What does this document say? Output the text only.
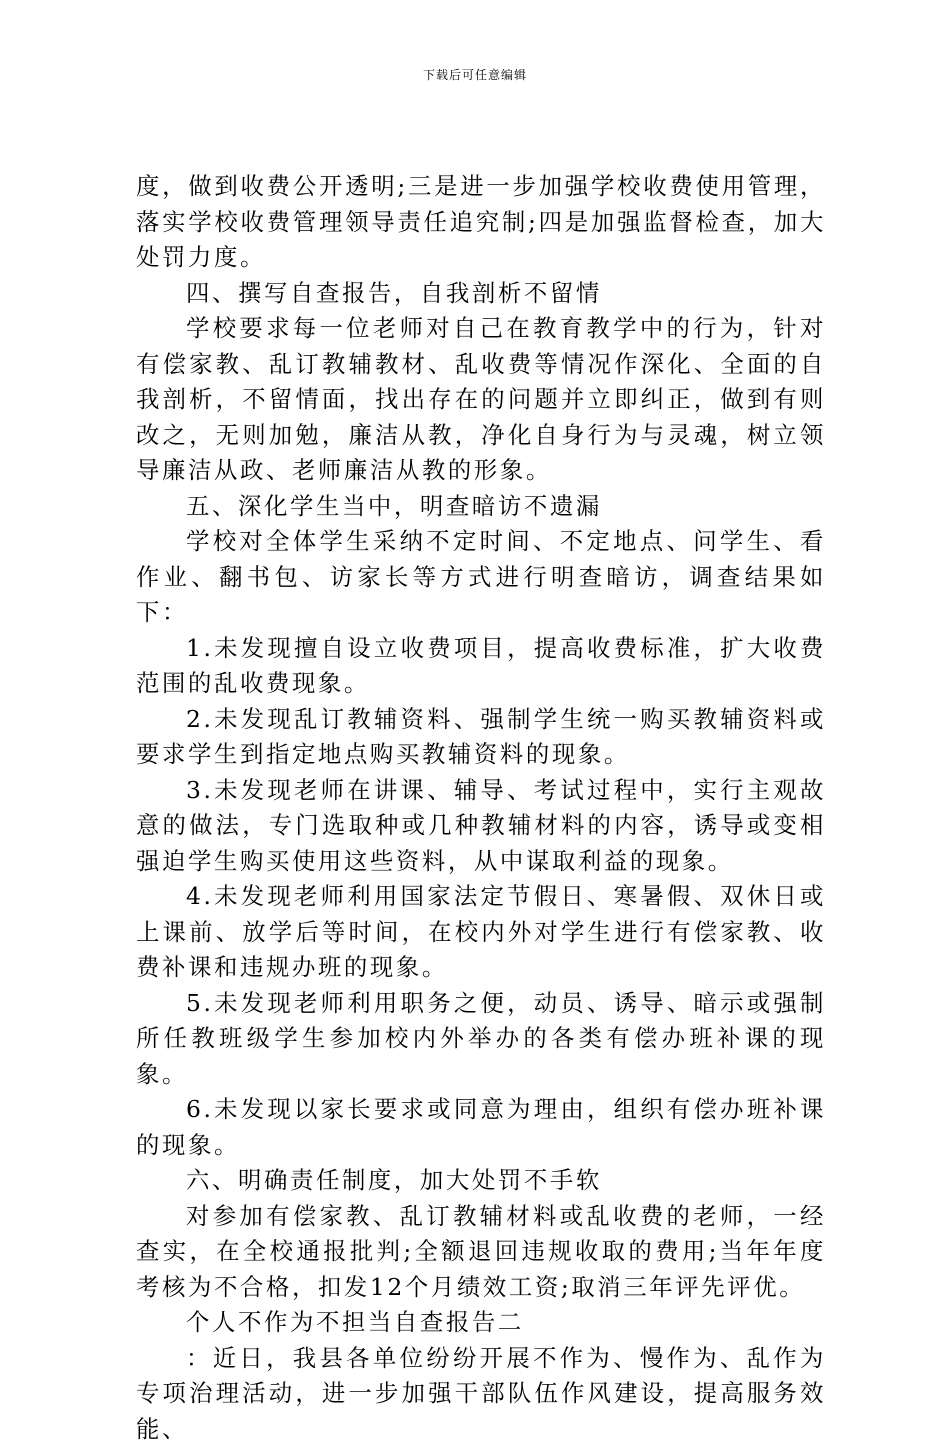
下载后可任意编辑

度，做到收费公开透明;三是进一步加强学校收费使用管理，落实学校收费管理领导责任追究制;四是加强监督检查，加大处罚力度。

四、撰写自查报告，自我剖析不留情

学校要求每一位老师对自己在教育教学中的行为，针对有偿家教、乱订教辅教材、乱收费等情况作深化、全面的自我剖析，不留情面，找出存在的问题并立即纠正，做到有则改之，无则加勉，廉洁从教，净化自身行为与灵魂，树立领导廉洁从政、老师廉洁从教的形象。

五、深化学生当中，明查暗访不遗漏

学校对全体学生采纳不定时间、不定地点、问学生、看作业、翻书包、访家长等方式进行明查暗访，调查结果如下：

1.未发现擅自设立收费项目，提高收费标准，扩大收费范围的乱收费现象。

2.未发现乱订教辅资料、强制学生统一购买教辅资料或要求学生到指定地点购买教辅资料的现象。

3.未发现老师在讲课、辅导、考试过程中，实行主观故意的做法，专门选取种或几种教辅材料的内容，诱导或变相强迫学生购买使用这些资料，从中谋取利益的现象。

4.未发现老师利用国家法定节假日、寒暑假、双休日或上课前、放学后等时间，在校内外对学生进行有偿家教、收费补课和违规办班的现象。

5.未发现老师利用职务之便，动员、诱导、暗示或强制所任教班级学生参加校内外举办的各类有偿办班补课的现象。

6.未发现以家长要求或同意为理由，组织有偿办班补课的现象。

六、明确责任制度，加大处罚不手软

对参加有偿家教、乱订教辅材料或乱收费的老师，一经查实，在全校通报批判;全额退回违规收取的费用;当年年度考核为不合格，扣发12个月绩效工资;取消三年评先评优。

个人不作为不担当自查报告二

：近日，我县各单位纷纷开展不作为、慢作为、乱作为专项治理活动，进一步加强干部队伍作风建设，提高服务效能、
